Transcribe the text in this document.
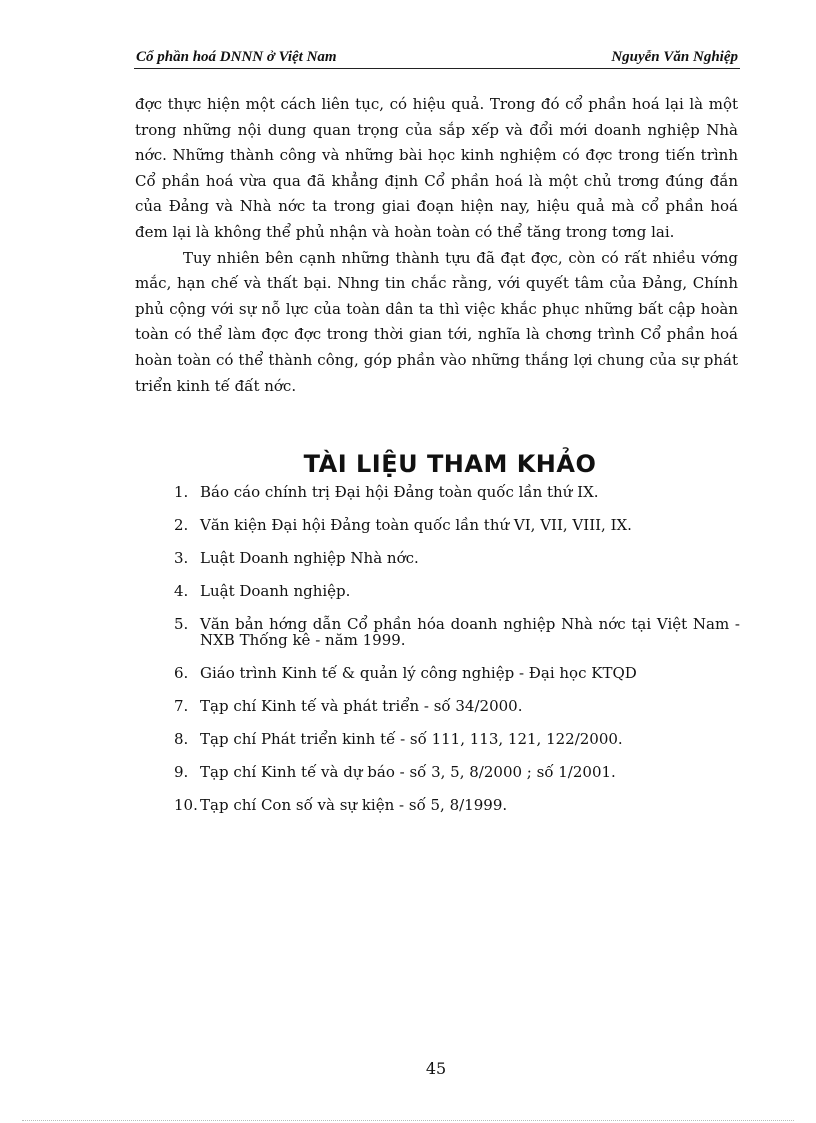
Cổ phần hoá DNNN ở Việt Nam	Nguyễn Văn Nghiệp

đợc thực hiện một cách liên tục, có hiệu quả. Trong đó cổ phần hoá lại là một trong những nội dung quan trọng của sắp xếp và đổi mới doanh nghiệp Nhà nớc. Những thành công và những bài học kinh nghiệm có đợc trong tiến trình Cổ phần hoá vừa qua đã khẳng định Cổ phần hoá là một chủ trơng đúng đắn của Đảng và Nhà nớc ta trong giai đoạn hiện nay, hiệu quả mà cổ phần hoá đem lại là không thể phủ nhận và hoàn toàn có thể tăng trong tơng lai.

Tuy nhiên bên cạnh những thành tựu đã đạt đợc, còn có rất nhiều vớng mắc, hạn chế và thất bại. Nhng tin chắc rằng, với quyết tâm của Đảng, Chính phủ cộng với sự nỗ lực của toàn dân ta thì việc khắc phục những bất cập hoàn toàn có thể làm đợc đợc trong thời gian tới, nghĩa là chơng trình Cổ phần hoá hoàn toàn có thể thành công, góp phần vào những thắng lợi chung của sự phát triển kinh tế đất nớc.

TÀI LIỆU THAM KHẢO
1. Báo cáo chính trị Đại hội Đảng toàn quốc lần thứ IX.
2. Văn kiện Đại hội Đảng toàn quốc lần thứ VI, VII, VIII, IX.
3. Luật Doanh nghiệp Nhà nớc.
4. Luật Doanh nghiệp.
5. Văn bản hớng dẫn Cổ phần hóa doanh nghiệp Nhà nớc tại Việt Nam - NXB Thống kê - năm 1999.
6. Giáo trình Kinh tế & quản lý công nghiệp - Đại học KTQD
7. Tạp chí Kinh tế và phát triển - số 34/2000.
8. Tạp chí Phát triển kinh tế - số 111, 113, 121, 122/2000.
9. Tạp chí Kinh tế và dự báo - số 3, 5, 8/2000 ; số 1/2001.
10. Tạp chí Con số và sự kiện - số 5, 8/1999.
45
